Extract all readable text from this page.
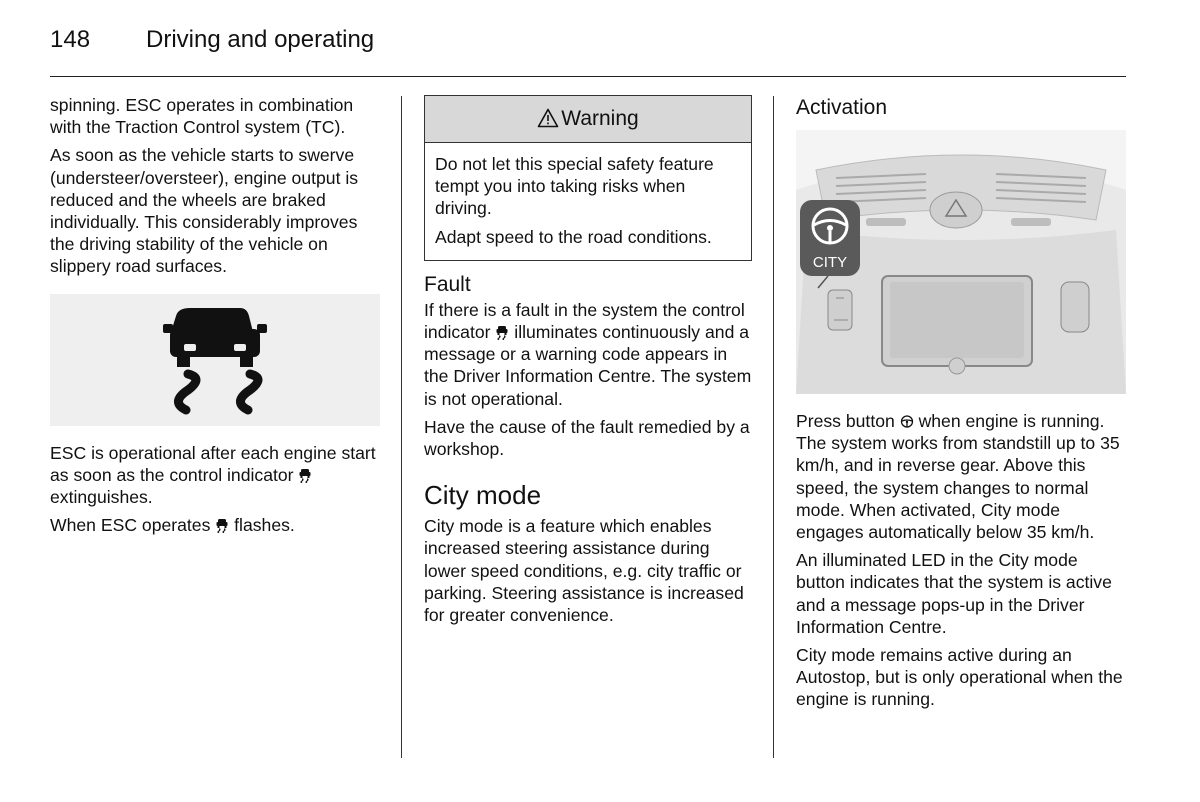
148 Driving and operating

spinning. ESC operates in combination with the Traction Control system (TC).

As soon as the vehicle starts to swerve (understeer/oversteer), engine output is reduced and the wheels are braked individually. This considerably improves the driving stability of the vehicle on slippery road surfaces.

ESC is operational after each engine start as soon as the control indicator  extinguishes.

When ESC operates flashes.

Warning

Do not let this special safety feature tempt you into taking risks when driving.

Adapt speed to the road conditions.

Fault

If there is a fault in the system the control indicator illuminates continuously and a message or a warning code appears in the Driver Information Centre. The system is not operational.

Have the cause of the fault remedied by a workshop.

City mode

City mode is a feature which enables increased steering assistance during lower speed conditions, e.g. city traffic or parking. Steering assistance is increased for greater convenience.

Activation
CITY

Press button when engine is running. The system works from standstill up to 35 km/h, and in reverse gear. Above this speed, the system changes to normal mode. When activated, City mode engages automatically below 35 km/h.

An illuminated LED in the City mode button indicates that the system is active and a message pops-up in the Driver Information Centre.

City mode remains active during an Autostop, but is only operational when the engine is running.
